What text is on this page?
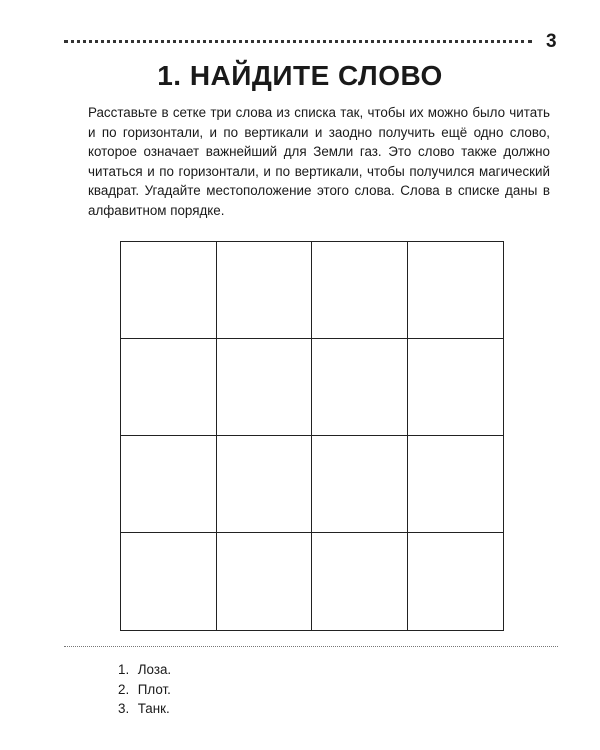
3
1. НАЙДИТЕ СЛОВО
Расставьте в сетке три слова из списка так, чтобы их можно было читать и по горизонтали, и по вертикали и заодно получить ещё одно слово, которое означает важнейший для Земли газ. Это слово также должно читаться и по горизонтали, и по вертикали, чтобы получился магический квадрат. Угадайте местоположение этого слова. Слова в списке даны в алфавитном порядке.
1. Лоза.
2. Плот.
3. Танк.
